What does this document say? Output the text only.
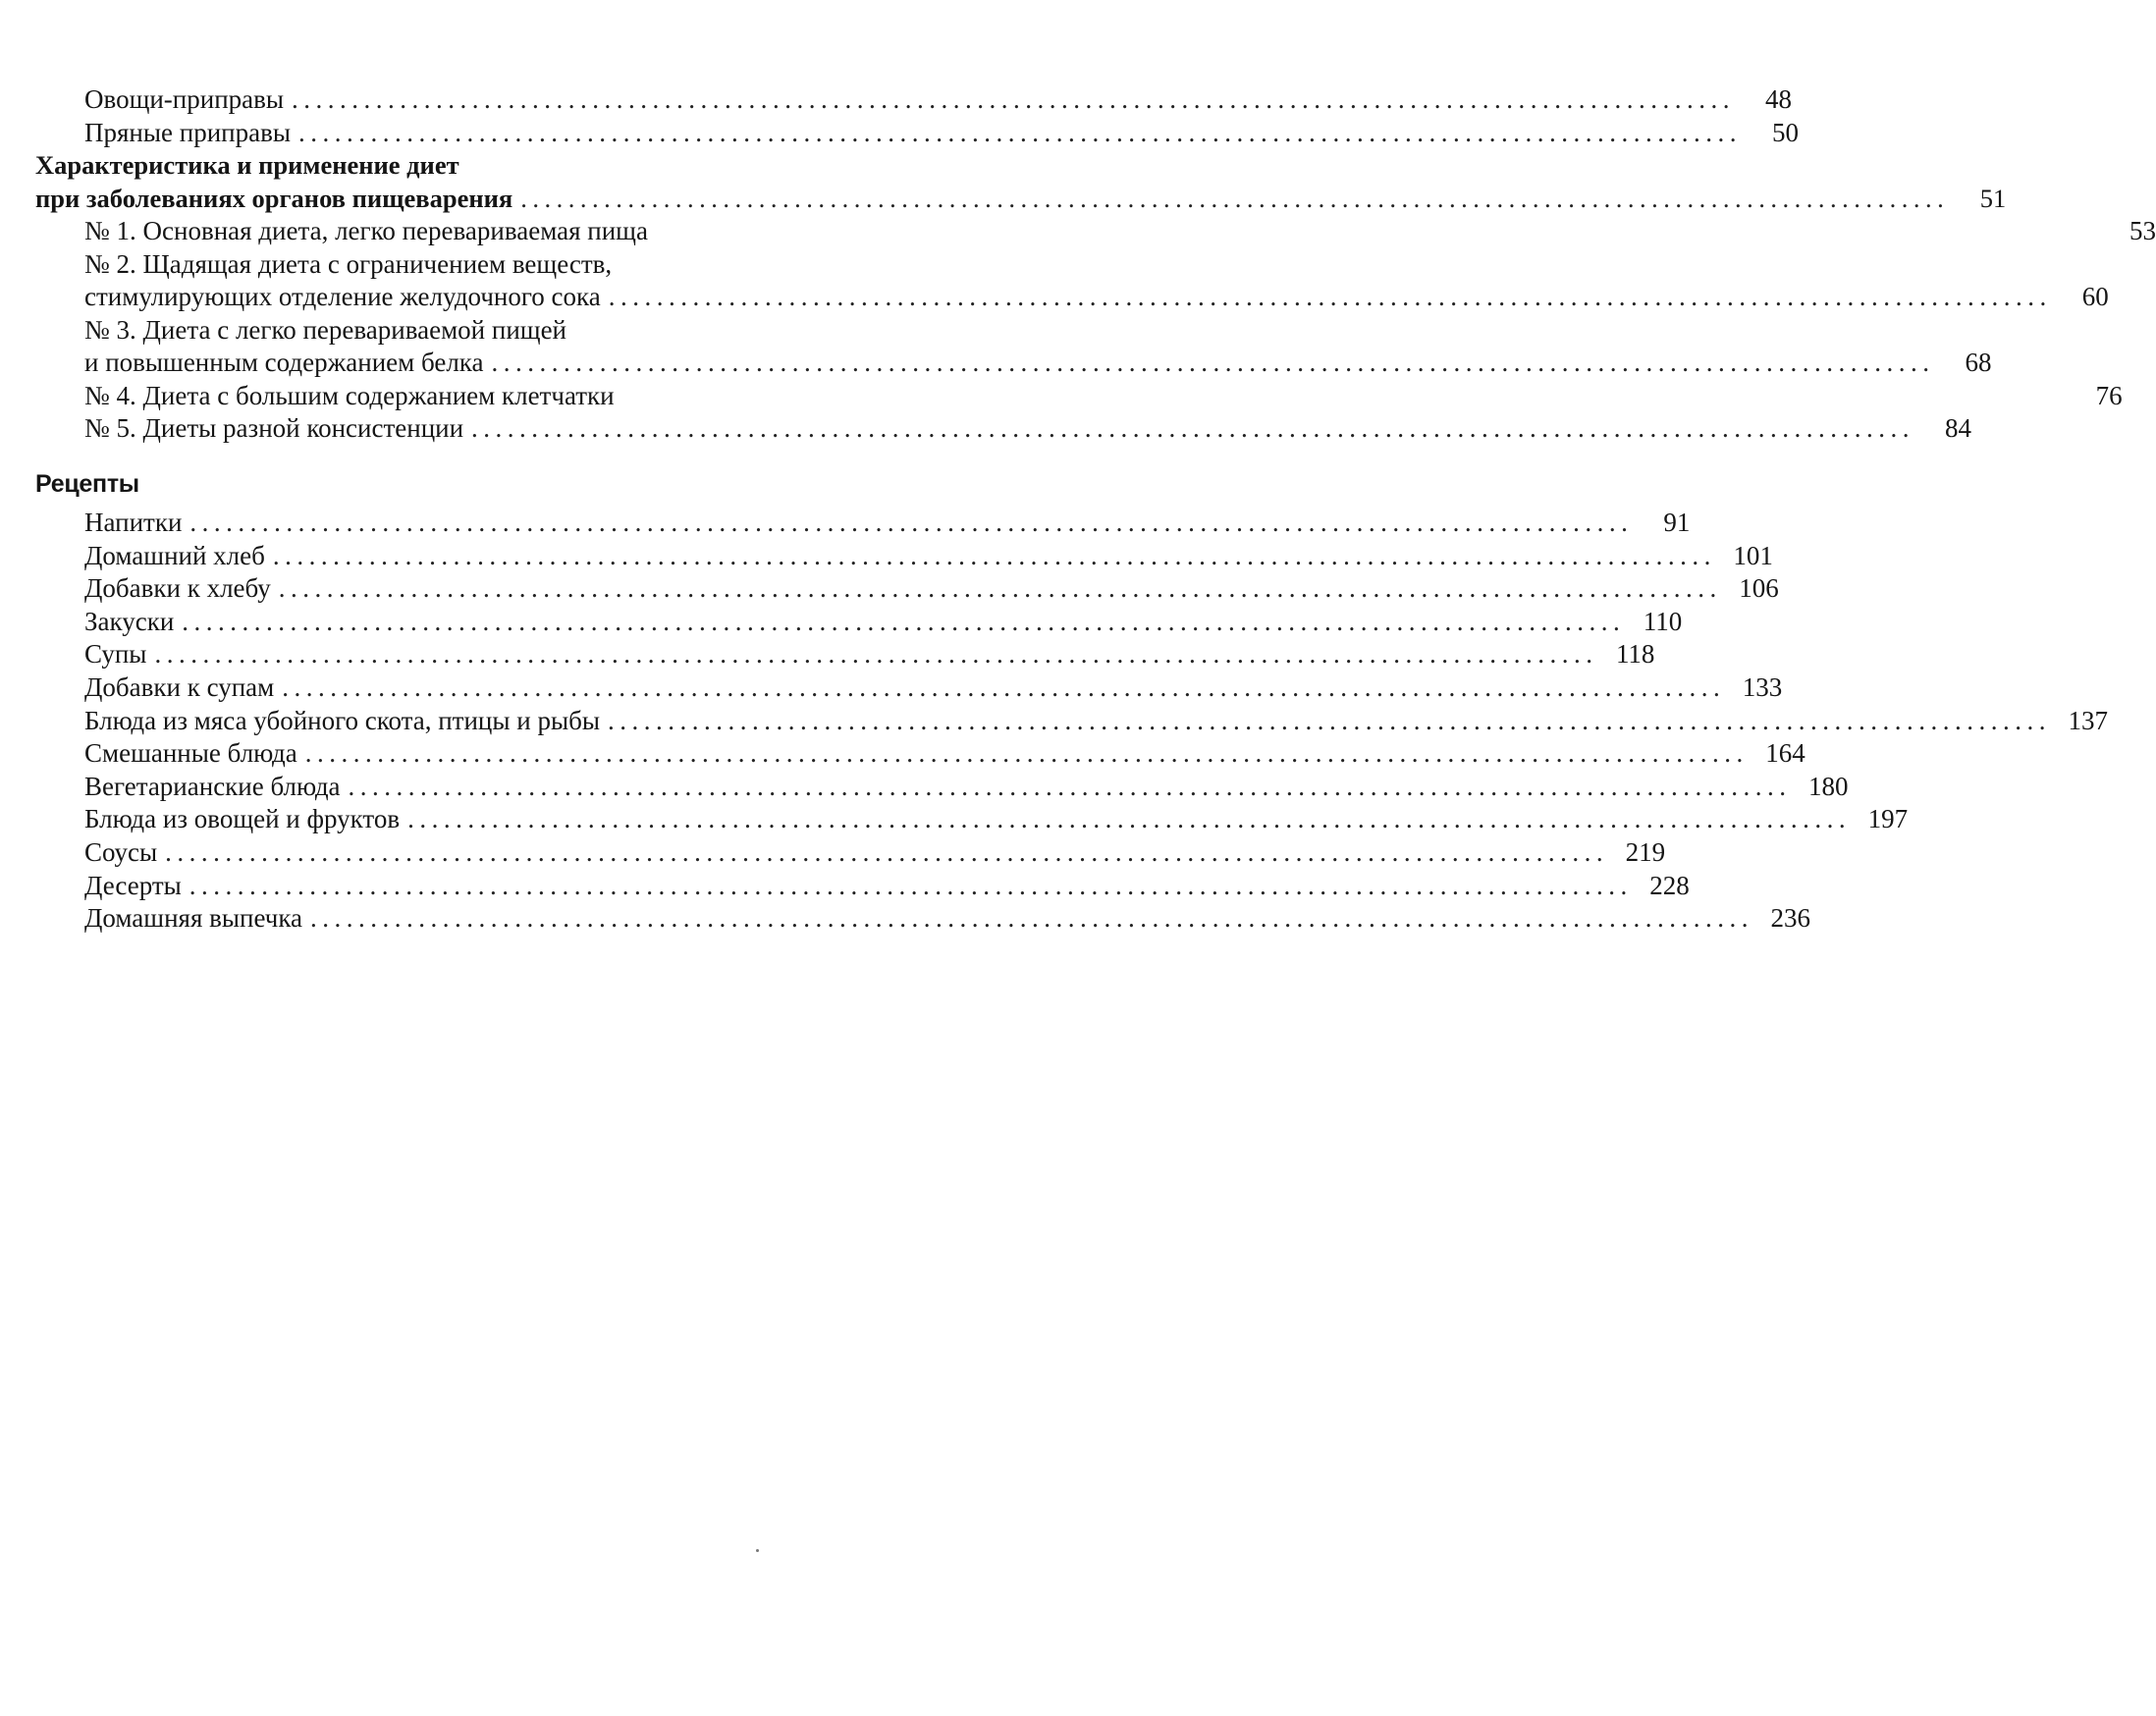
Овощи-приправы ........................................................................................................................	48
Пряные приправы ........................................................................................................................	50
Характеристика и применение диет
при заболеваниях органов пищеварения ........................................................................................................................	51
№ 1. Основная диета, легко перевариваемая пища	53
№ 2. Щадящая диета с ограничением веществ,
стимулирующих отделение желудочного сока ........................................................................................................................	60
№ 3. Диета с легко перевариваемой пищей
и повышенным содержанием белка ........................................................................................................................	68
№ 4. Диета с большим содержанием клетчатки	76
№ 5. Диеты разной консистенции ........................................................................................................................	84
Рецепты
Напитки ........................................................................................................................	91
Домашний хлеб ........................................................................................................................ 101
Добавки к хлебу ........................................................................................................................ 106
Закуски ........................................................................................................................ 110
Супы ........................................................................................................................ 118
Добавки к супам ........................................................................................................................ 133
Блюда из мяса убойного скота, птицы и рыбы ........................................................................................................................ 137
Смешанные блюда ........................................................................................................................ 164
Вегетарианские блюда ........................................................................................................................ 180
Блюда из овощей и фруктов ........................................................................................................................ 197
Соусы ........................................................................................................................ 219
Десерты ........................................................................................................................ 228
Домашняя выпечка ........................................................................................................................ 236
